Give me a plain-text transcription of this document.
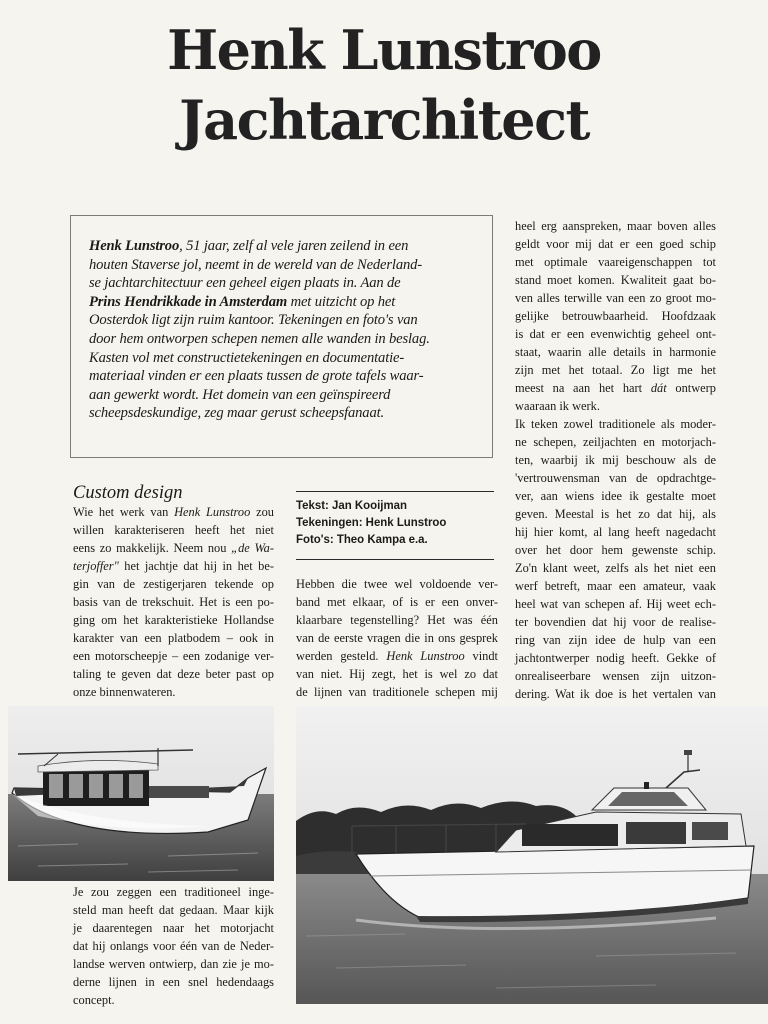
Henk Lunstroo
Jachtarchitect
Henk Lunstroo, 51 jaar, zelf al vele jaren zeilend in een
houten Staverse jol, neemt in de wereld van de Nederland-
se jachtarchitectuur een geheel eigen plaats in. Aan de
Prins Hendrikkade in Amsterdam met uitzicht op het
Oosterdok ligt zijn ruim kantoor. Tekeningen en foto's van
door hem ontworpen schepen nemen alle wanden in beslag.
Kasten vol met constructietekeningen en documentatie-
materiaal vinden er een plaats tussen de grote tafels waar-
aan gewerkt wordt. Het domein van een geïnspireerd
scheepsdeskundige, zeg maar gerust scheepsfanaat.
Custom design
Wie het werk van Henk Lunstroo zou
willen karakteriseren heeft het niet
eens zo makkelijk. Neem nou „de Wa-
terjoffer" het jachtje dat hij in het be-
gin van de zestigerjaren tekende op
basis van de trekschuit. Het is een po-
ging om het karakteristieke Hollandse
karakter van een platbodem – ook in
een motorscheepje – een zodanige ver-
taling te geven dat deze beter past op
onze binnenwateren.
Tekst: Jan Kooijman
Tekeningen: Henk Lunstroo
Foto's: Theo Kampa e.a.
Hebben die twee wel voldoende ver-
band met elkaar, of is er een onver-
klaarbare tegenstelling? Het was één
van de eerste vragen die in ons gesprek
werden gesteld. Henk Lunstroo vindt
van niet. Hij zegt, het is wel zo dat
de lijnen van traditionele schepen mij
heel erg aanspreken, maar boven alles
geldt voor mij dat er een goed schip
met optimale vaareigenschappen tot
stand moet komen. Kwaliteit gaat bo-
ven alles terwille van een zo groot mo-
gelijke betrouwbaarheid. Hoofdzaak
is dat er een evenwichtig geheel ont-
staat, waarin alle details in harmonie
zijn met het totaal. Zo ligt me het
meest na aan het hart dát ontwerp
waaraan ik werk.
Ik teken zowel traditionele als moder-
ne schepen, zeiljachten en motorjach-
ten, waarbij ik mij beschouw als de
'vertrouwensman van de opdrachtge-
ver, aan wiens idee ik gestalte moet
geven. Meestal is het zo dat hij, als
hij hier komt, al lang heeft nagedacht
over het door hem gewenste schip.
Zo'n klant weet, zelfs als het niet een
werf betreft, maar een amateur, vaak
heel wat van schepen af. Hij weet ech-
ter bovendien dat hij voor de realise-
ring van zijn idee de hulp van een
jachtontwerper nodig heeft. Gekke of
onrealiseerbare wensen zijn uitzon-
dering. Wat ik doe is het vertalen van
Je zou zeggen een traditioneel inge-
steld man heeft dat gedaan. Maar kijk
je daarentegen naar het motorjacht
dat hij onlangs voor één van de Neder-
landse werven ontwierp, dan zie je mo-
derne lijnen in een snel hedendaags
concept.
